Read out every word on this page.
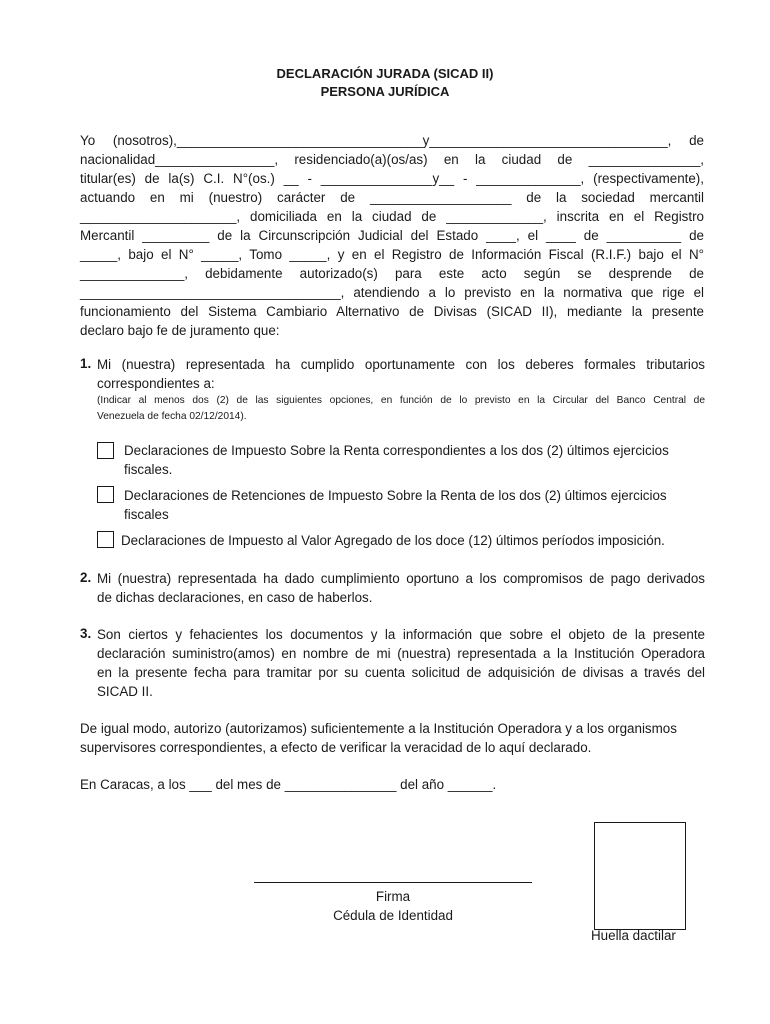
DECLARACIÓN JURADA (SICAD II)
PERSONA JURÍDICA
Yo (nosotros),_________________________________y________________________________, de
nacionalidad________________, residenciado(a)(os/as) en la ciudad de _______________,
titular(es) de la(s) C.I. N°(os.) __ - _______________y__ - ______________, (respectivamente),
actuando en mi (nuestro) carácter de ___________________ de la sociedad mercantil
_____________________, domiciliada en la ciudad de _____________, inscrita en el Registro
Mercantil _________ de la Circunscripción Judicial del Estado ____, el ____ de __________ de
_____, bajo el N° _____, Tomo _____, y en el Registro de Información Fiscal (R.I.F.) bajo el N°
______________, debidamente autorizado(s) para este acto según se desprende de
___________________________________, atendiendo a lo previsto en la normativa que rige el
funcionamiento del Sistema Cambiario Alternativo de Divisas (SICAD II), mediante la presente
declaro bajo fe de juramento que:
1. Mi (nuestra) representada ha cumplido oportunamente con los deberes formales tributarios
correspondientes a:
(Indicar al menos dos (2) de las siguientes opciones, en función de lo previsto en la Circular del Banco Central de
Venezuela de fecha 02/12/2014).
Declaraciones de Impuesto Sobre la Renta correspondientes a los dos (2) últimos ejercicios
fiscales.
Declaraciones de Retenciones de Impuesto Sobre la Renta de los dos (2) últimos ejercicios
fiscales
Declaraciones de Impuesto al Valor Agregado de los doce (12) últimos períodos imposición.
2. Mi (nuestra) representada ha dado cumplimiento oportuno a los compromisos de pago derivados
de dichas declaraciones, en caso de haberlos.
3. Son ciertos y fehacientes los documentos y la información que sobre el objeto de la presente
declaración suministro(amos) en nombre de mi (nuestra) representada a la Institución Operadora
en la presente fecha para tramitar por su cuenta solicitud de adquisición de divisas a través del
SICAD II.
De igual modo, autorizo (autorizamos) suficientemente a la Institución Operadora y a los organismos
supervisores correspondientes, a efecto de verificar la veracidad de lo aquí declarado.
En Caracas, a los ___ del mes de _______________ del año ______.
Firma
Cédula de Identidad
Huella dactilar
